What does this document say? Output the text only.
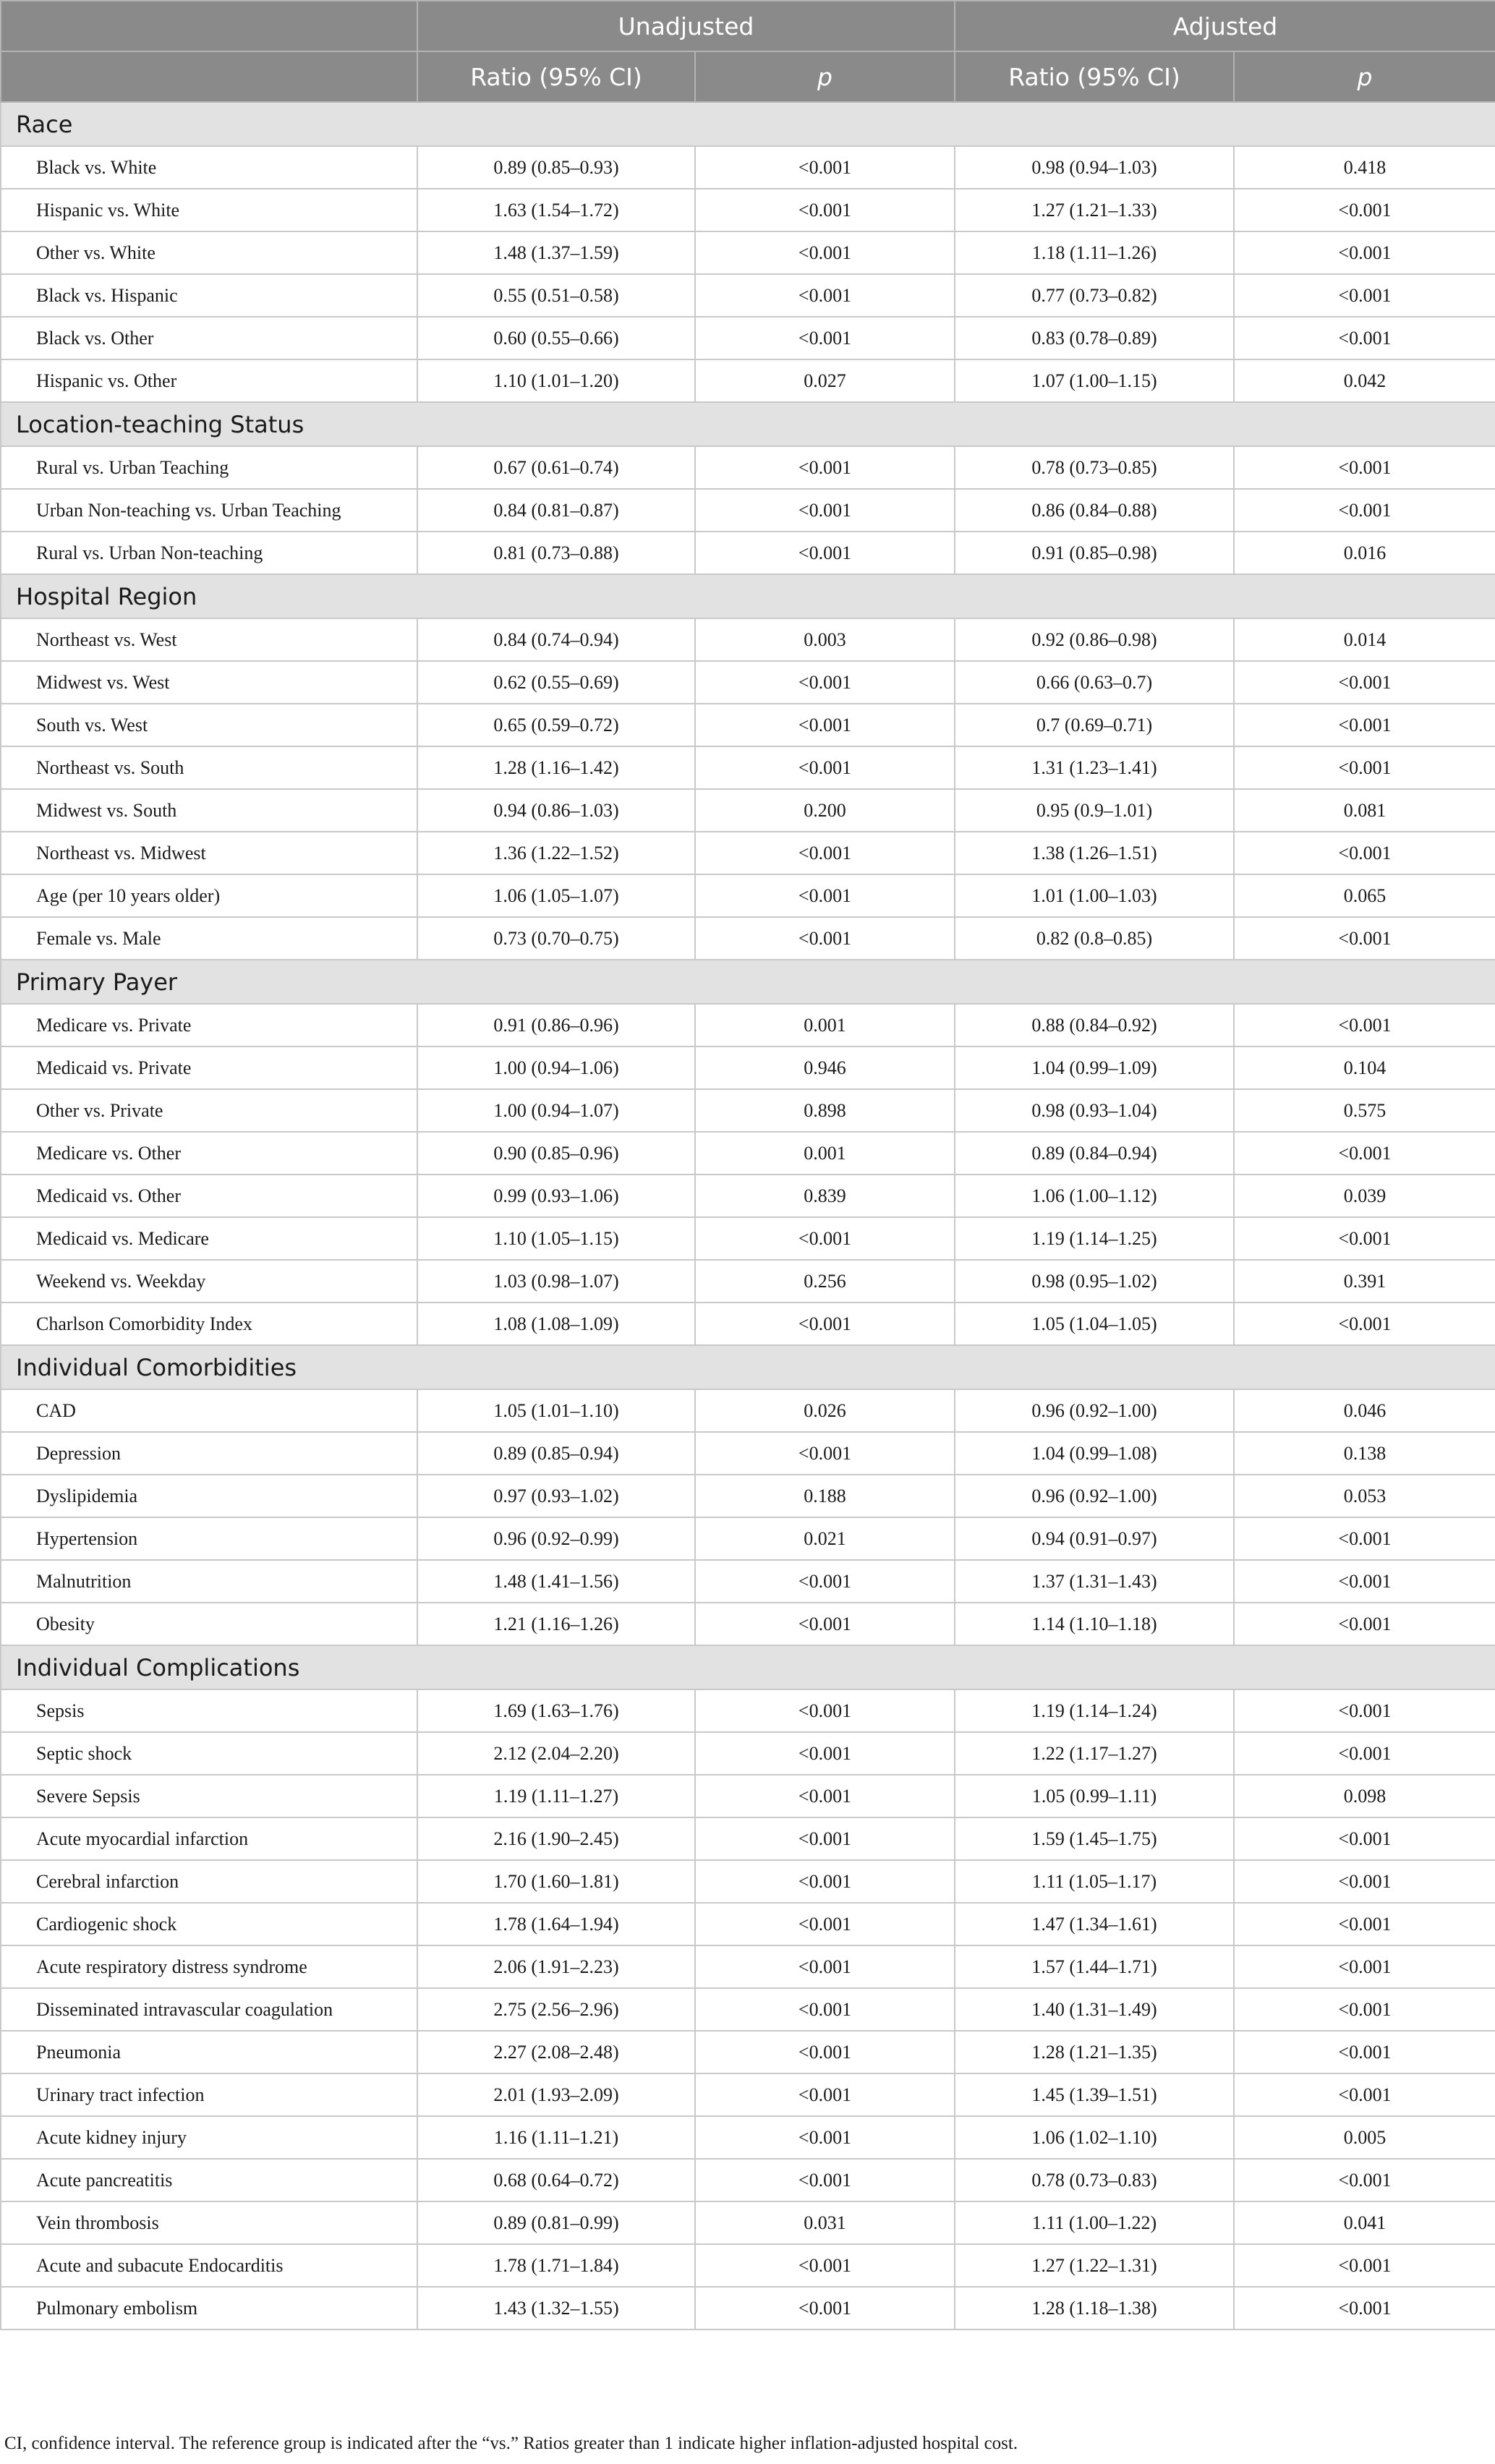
	Unadjusted		Adjusted	
	Ratio (95% CI)	p	Ratio (95% CI)	p
Race				
Black vs. White	0.89 (0.85–0.93)	<0.001	0.98 (0.94–1.03)	0.418
Hispanic vs. White	1.63 (1.54–1.72)	<0.001	1.27 (1.21–1.33)	<0.001
Other vs. White	1.48 (1.37–1.59)	<0.001	1.18 (1.11–1.26)	<0.001
Black vs. Hispanic	0.55 (0.51–0.58)	<0.001	0.77 (0.73–0.82)	<0.001
Black vs. Other	0.60 (0.55–0.66)	<0.001	0.83 (0.78–0.89)	<0.001
Hispanic vs. Other	1.10 (1.01–1.20)	0.027	1.07 (1.00–1.15)	0.042
Location-teaching Status				
Rural vs. Urban Teaching	0.67 (0.61–0.74)	<0.001	0.78 (0.73–0.85)	<0.001
Urban Non-teaching vs. Urban Teaching	0.84 (0.81–0.87)	<0.001	0.86 (0.84–0.88)	<0.001
Rural vs. Urban Non-teaching	0.81 (0.73–0.88)	<0.001	0.91 (0.85–0.98)	0.016
Hospital Region				
Northeast vs. West	0.84 (0.74–0.94)	0.003	0.92 (0.86–0.98)	0.014
Midwest vs. West	0.62 (0.55–0.69)	<0.001	0.66 (0.63–0.7)	<0.001
South vs. West	0.65 (0.59–0.72)	<0.001	0.7 (0.69–0.71)	<0.001
Northeast vs. South	1.28 (1.16–1.42)	<0.001	1.31 (1.23–1.41)	<0.001
Midwest vs. South	0.94 (0.86–1.03)	0.200	0.95 (0.9–1.01)	0.081
Northeast vs. Midwest	1.36 (1.22–1.52)	<0.001	1.38 (1.26–1.51)	<0.001
Age (per 10 years older)	1.06 (1.05–1.07)	<0.001	1.01 (1.00–1.03)	0.065
Female vs. Male	0.73 (0.70–0.75)	<0.001	0.82 (0.8–0.85)	<0.001
Primary Payer				
Medicare vs. Private	0.91 (0.86–0.96)	0.001	0.88 (0.84–0.92)	<0.001
Medicaid vs. Private	1.00 (0.94–1.06)	0.946	1.04 (0.99–1.09)	0.104
Other vs. Private	1.00 (0.94–1.07)	0.898	0.98 (0.93–1.04)	0.575
Medicare vs. Other	0.90 (0.85–0.96)	0.001	0.89 (0.84–0.94)	<0.001
Medicaid vs. Other	0.99 (0.93–1.06)	0.839	1.06 (1.00–1.12)	0.039
Medicaid vs. Medicare	1.10 (1.05–1.15)	<0.001	1.19 (1.14–1.25)	<0.001
Weekend vs. Weekday	1.03 (0.98–1.07)	0.256	0.98 (0.95–1.02)	0.391
Charlson Comorbidity Index	1.08 (1.08–1.09)	<0.001	1.05 (1.04–1.05)	<0.001
Individual Comorbidities				
CAD	1.05 (1.01–1.10)	0.026	0.96 (0.92–1.00)	0.046
Depression	0.89 (0.85–0.94)	<0.001	1.04 (0.99–1.08)	0.138
Dyslipidemia	0.97 (0.93–1.02)	0.188	0.96 (0.92–1.00)	0.053
Hypertension	0.96 (0.92–0.99)	0.021	0.94 (0.91–0.97)	<0.001
Malnutrition	1.48 (1.41–1.56)	<0.001	1.37 (1.31–1.43)	<0.001
Obesity	1.21 (1.16–1.26)	<0.001	1.14 (1.10–1.18)	<0.001
Individual Complications				
Sepsis	1.69 (1.63–1.76)	<0.001	1.19 (1.14–1.24)	<0.001
Septic shock	2.12 (2.04–2.20)	<0.001	1.22 (1.17–1.27)	<0.001
Severe Sepsis	1.19 (1.11–1.27)	<0.001	1.05 (0.99–1.11)	0.098
Acute myocardial infarction	2.16 (1.90–2.45)	<0.001	1.59 (1.45–1.75)	<0.001
Cerebral infarction	1.70 (1.60–1.81)	<0.001	1.11 (1.05–1.17)	<0.001
Cardiogenic shock	1.78 (1.64–1.94)	<0.001	1.47 (1.34–1.61)	<0.001
Acute respiratory distress syndrome	2.06 (1.91–2.23)	<0.001	1.57 (1.44–1.71)	<0.001
Disseminated intravascular coagulation	2.75 (2.56–2.96)	<0.001	1.40 (1.31–1.49)	<0.001
Pneumonia	2.27 (2.08–2.48)	<0.001	1.28 (1.21–1.35)	<0.001
Urinary tract infection	2.01 (1.93–2.09)	<0.001	1.45 (1.39–1.51)	<0.001
Acute kidney injury	1.16 (1.11–1.21)	<0.001	1.06 (1.02–1.10)	0.005
Acute pancreatitis	0.68 (0.64–0.72)	<0.001	0.78 (0.73–0.83)	<0.001
Vein thrombosis	0.89 (0.81–0.99)	0.031	1.11 (1.00–1.22)	0.041
Acute and subacute Endocarditis	1.78 (1.71–1.84)	<0.001	1.27 (1.22–1.31)	<0.001
Pulmonary embolism	1.43 (1.32–1.55)	<0.001	1.28 (1.18–1.38)	<0.001
CI, confidence interval. The reference group is indicated after the “vs.” Ratios greater than 1 indicate higher inflation-adjusted hospital cost.
